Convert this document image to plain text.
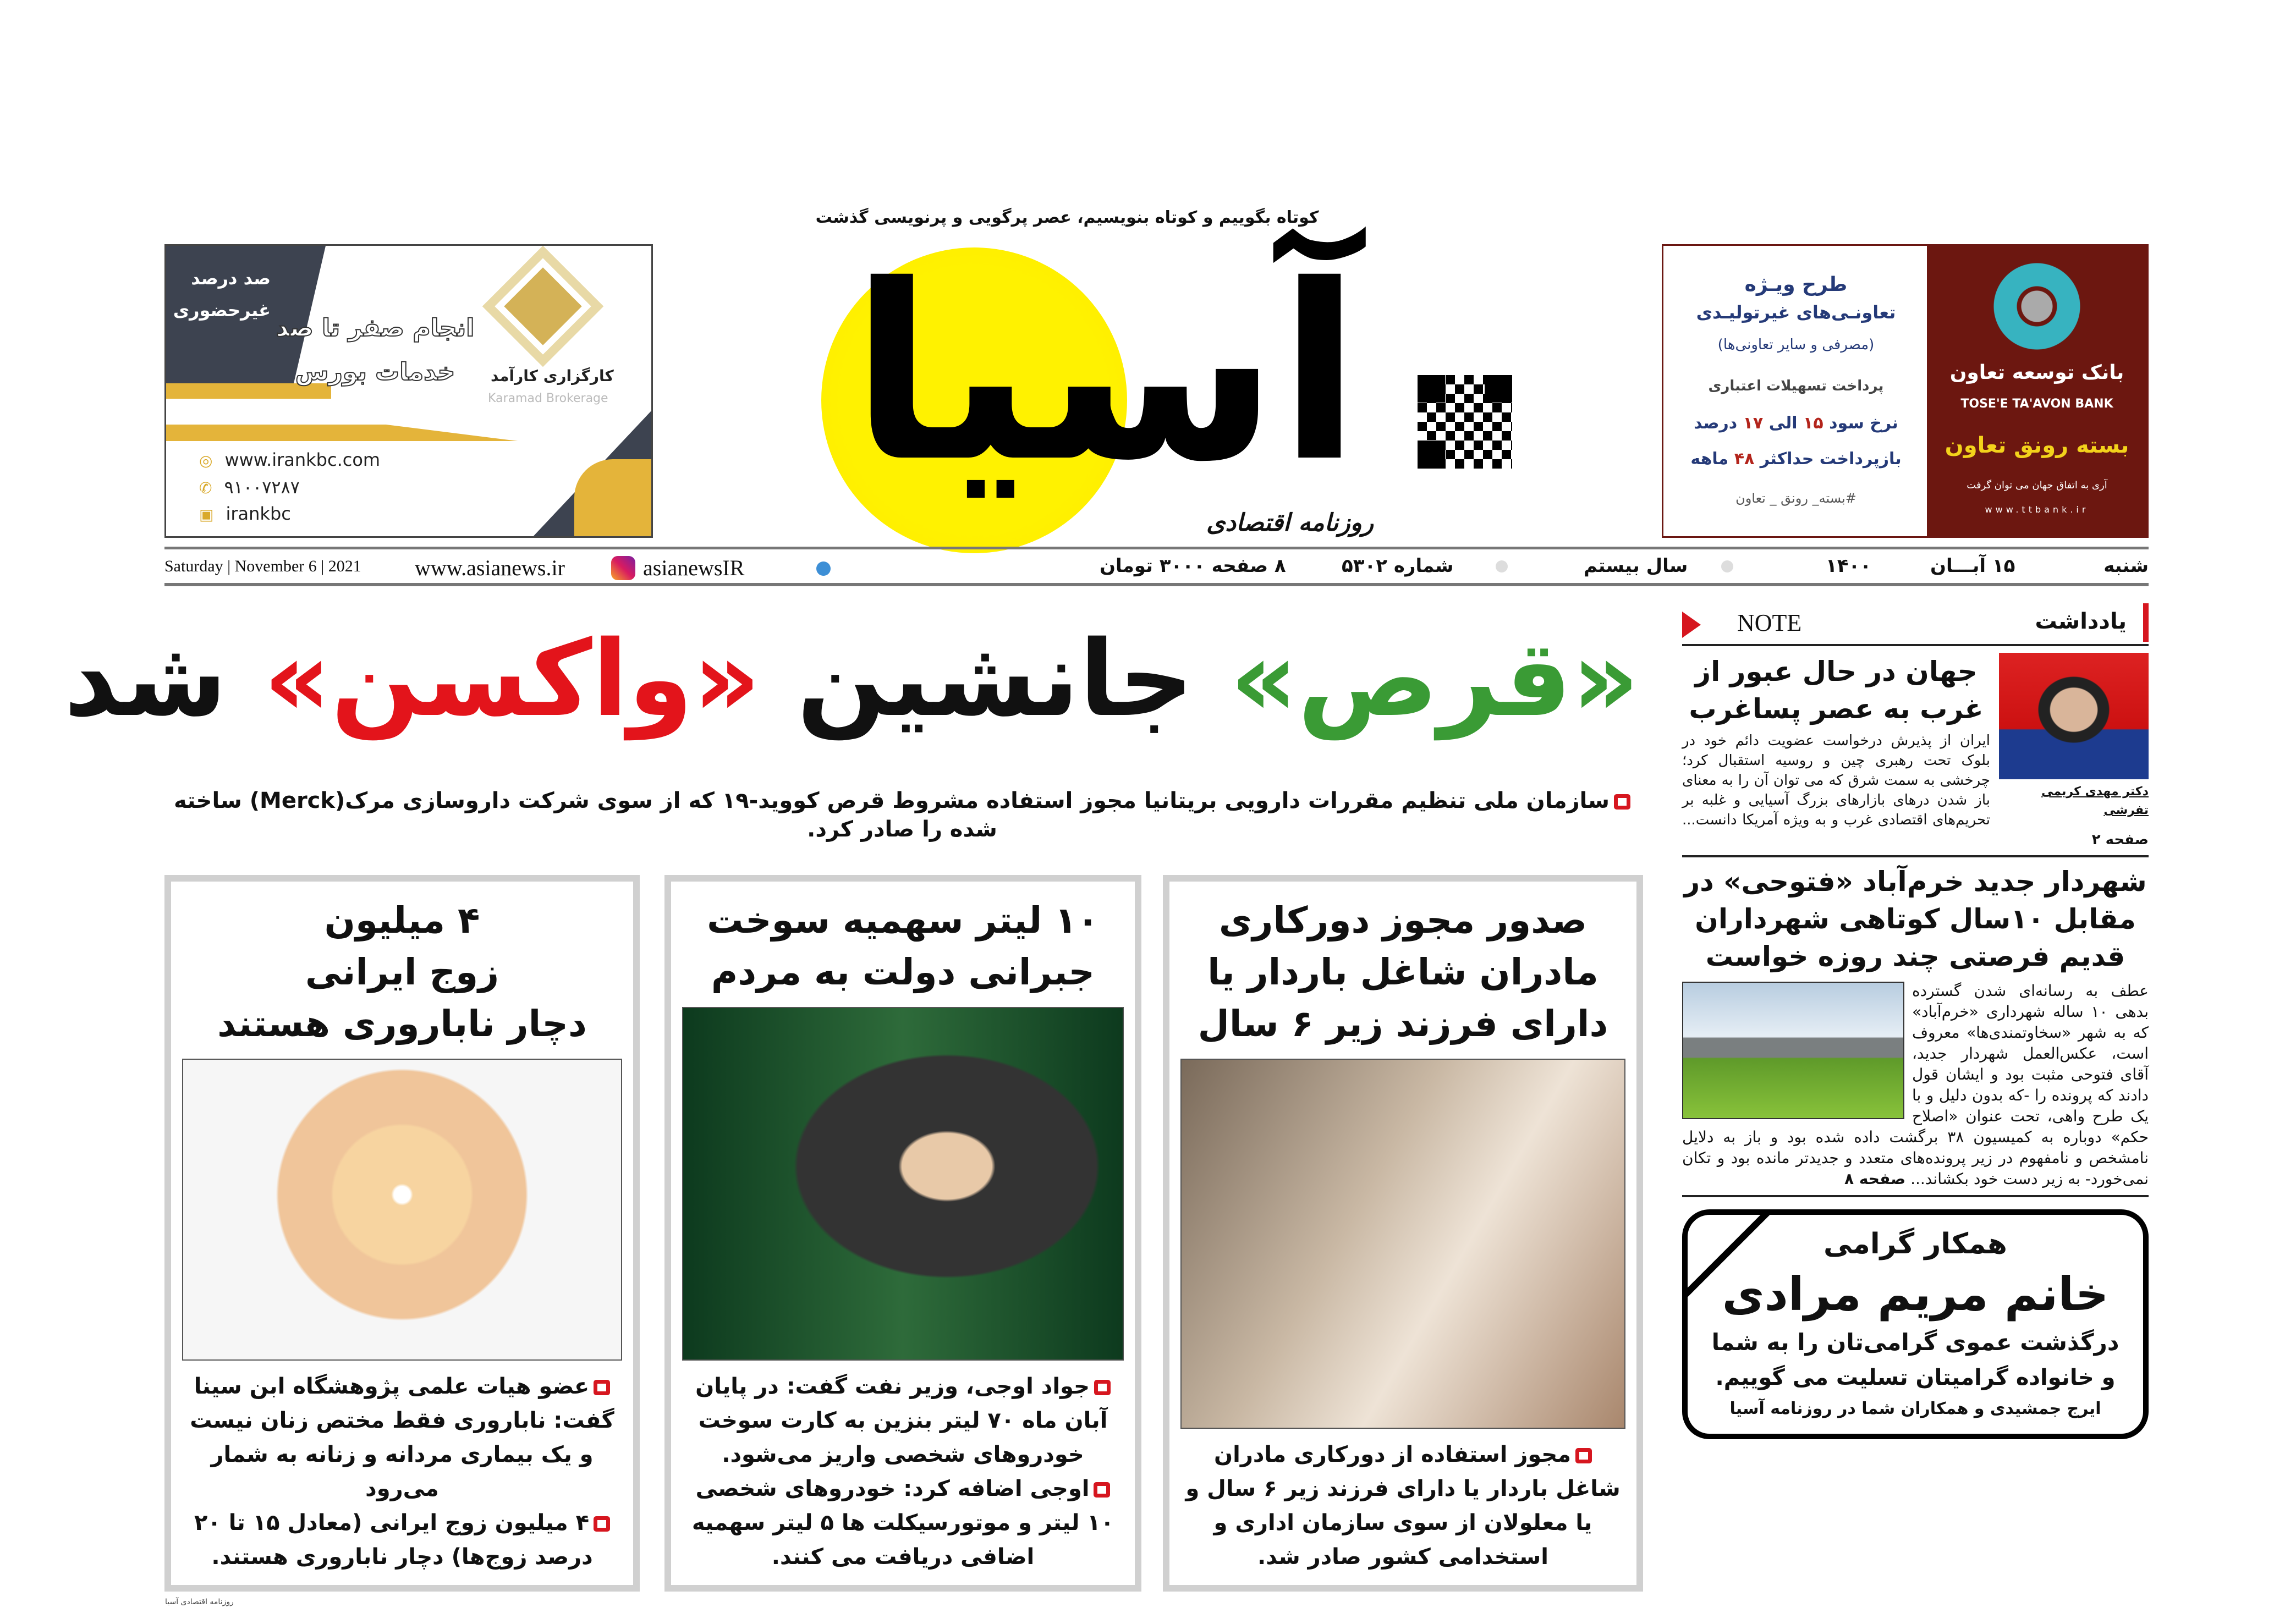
صد درصد غیرحضوری
انجام صفر تا صد
خدمات بورس	کارگزاری کارآمد
Karamad Brokerage
◎ www.irankbc.com
✆ ۹۱۰۰۷۲۸۷
▣ irankbc
طرح ویـژه
تعاونـی‌های غیرتولیـدی
(مصرفی و سایر تعاونی‌ها)
پرداخت تسهیلات اعتباری
نرخ سود ۱۵ الی ۱۷ درصد
بازپرداخت حداکثر ۴۸ ماهه
#بسته_ رونق _ تعاون
بانک توسعه تعاون
TOSE'E TA'AVON BANK
بسته رونق تعاون
آری به اتفاق جهان می توان گرفت
www.ttbank.ir
آسیا
کوتاه بگوییم و کوتاه بنویسیم، عصر پرگویی و پرنویسی گذشت
روزنامه اقتصادی
Saturday | November 6 | 2021 www.asianews.ir	asianewsIR	۸ صفحه ۳۰۰۰ تومان	شماره ۵۳۰۲	سال بیستم	۱۴۰۰	۱۵ آبـــان	شنبه
«قرص» جانشین «واکسن» شد
سازمان ملی تنظیم مقررات دارویی بریتانیا مجوز استفاده مشروط قرص کووید-۱۹ که از سوی شرکت داروسازی مرک(Merck) ساخته شده را صادر کرد.
صدور مجوز دورکاری
مادران شاغل باردار یا
دارای فرزند زیر ۶ سال
مجوز استفاده از دورکاری مادران شاغل باردار یا دارای فرزند زیر ۶ سال و یا معلولان از سوی سازمان اداری و استخدامی کشور صادر شد.
۱۰ لیتر سهمیه سوخت
جبرانی دولت به مردم
جواد اوجی، وزیر نفت گفت: در پایان آبان ماه ۷۰ لیتر بنزین به کارت سوخت خودروهای شخصی واریز می‌شود.
اوجی اضافه کرد: خودروهای شخصی ۱۰ لیتر و موتورسیکلت ها ۵ لیتر سهمیه اضافی دریافت می کنند.
۴ میلیون
زوج ایرانی
دچار ناباروری هستند
عضو هیات علمی پژوهشگاه ابن سینا گفت: ناباروری فقط مختص زنان نیست و یک بیماری مردانه و زنانه به شمار می‌رود
۴ میلیون زوج ایرانی (معادل ۱۵ تا ۲۰ درصد زوج‌ها) دچار ناباروری هستند.
یادداشت
NOTE
دکتر مهدی کریمی تفرشی
جهان در حال عبور از غرب به عصر پساغرب
ایران از پذیرش درخواست عضویت دائم خود در بلوک تحت رهبری چین و روسیه استقبال کرد؛ چرخشی به سمت شرق که می توان آن را به معنای باز شدن درهای بازارهای بزرگ آسیایی و غلبه بر تحریم‌های اقتصادی غرب و به ویژه آمریکا دانست... صفحه ۲
شهردار جدید خرم‌آباد «فتوحی» در مقابل ۱۰سال کوتاهی شهرداران قدیم فرصتی چند روزه خواست
عطف به رسانه‌ای شدن گسترده بدهی ۱۰ ساله شهرداری «خرم‌آباد» که به شهر «سخاوتمندی‌ها» معروف است، عکس‌العمل شهردار جدید، آقای فتوحی مثبت بود و ایشان قول دادند که پرونده را -که بدون دلیل و با یک طرح واهی، تحت عنوان «اصلاح حکم» دوباره به کمیسیون ۳۸ برگشت داده شده بود و باز به دلایل نامشخص و نامفهوم در زیر پرونده‌های متعدد و جدیدتر مانده بود و تکان نمی‌خورد- به زیر دست خود بکشاند... صفحه ۸
همکار گرامی
خانم مریم مرادی
درگذشت عموی گرامی‌تان را به شما
و خانواده گرامیتان تسلیت می گوییم.
ایرج جمشیدی و همکاران شما در روزنامه آسیا
روزنامه اقتصادی آسیا
